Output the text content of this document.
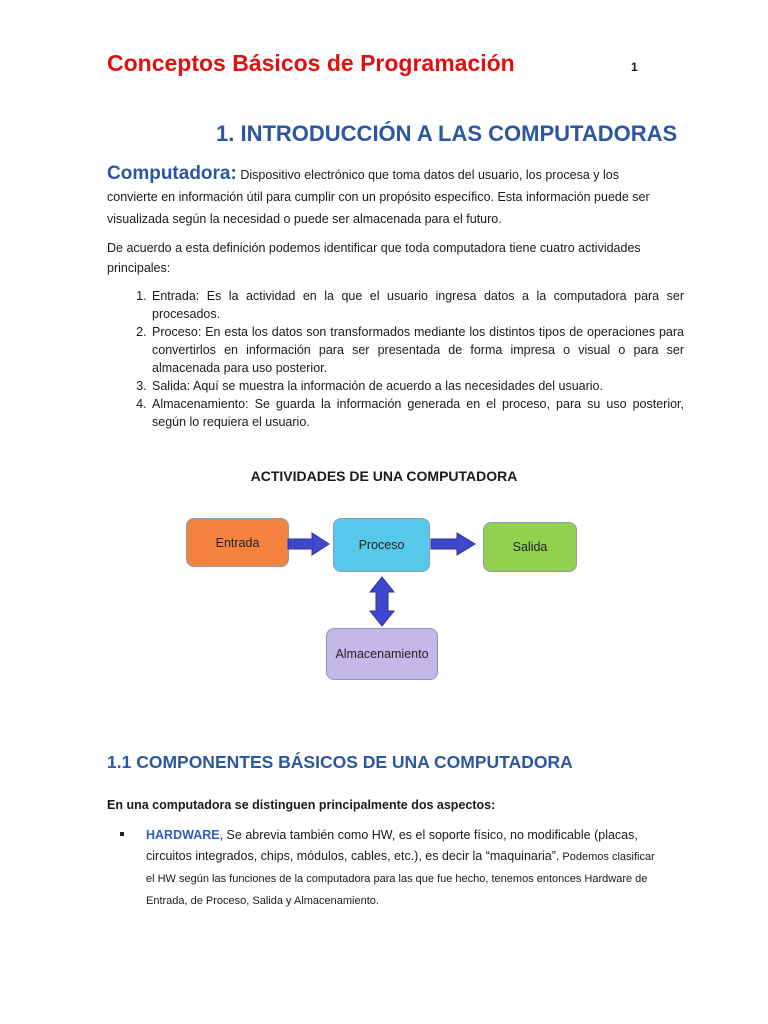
Conceptos Básicos de Programación	1
1. INTRODUCCIÓN A LAS COMPUTADORAS
Computadora: Dispositivo electrónico que toma datos del usuario, los procesa y los convierte en información útil para cumplir con un propósito específico. Esta información puede ser visualizada según la necesidad o puede ser almacenada para el futuro.
De acuerdo a esta definición podemos identificar que toda computadora tiene cuatro actividades principales:
1. Entrada: Es la actividad en la que el usuario ingresa datos a la computadora para ser procesados.
2. Proceso: En esta los datos son transformados mediante los distintos tipos de operaciones para convertirlos en información para ser presentada de forma impresa o visual o para ser almacenada para uso posterior.
3. Salida: Aquí se muestra la información de acuerdo a las necesidades del usuario.
4. Almacenamiento: Se guarda la información generada en el proceso, para su uso posterior, según lo requiera el usuario.
ACTIVIDADES DE UNA COMPUTADORA
Entrada	Proceso	Salida
Almacenamiento
1.1 COMPONENTES BÁSICOS DE UNA COMPUTADORA
En una computadora se distinguen principalmente dos aspectos:
HARDWARE, Se abrevia también como HW, es el soporte físico, no modificable (placas, circuitos integrados, chips, módulos, cables, etc.), es decir la “maquinaria”. Podemos clasificar el HW según las funciones de la computadora para las que fue hecho, tenemos entonces Hardware de Entrada, de Proceso, Salida y Almacenamiento.
